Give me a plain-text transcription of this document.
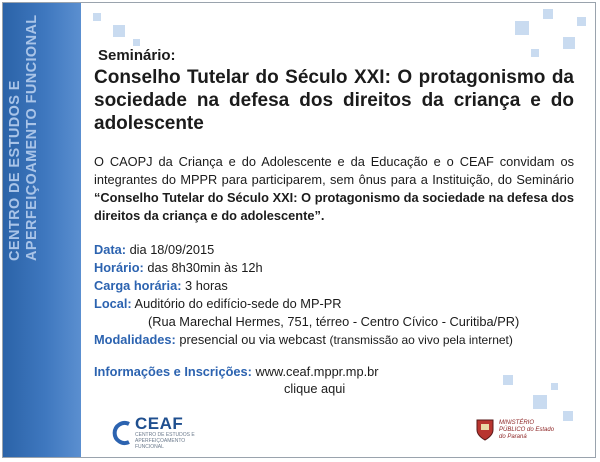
CENTRO DE ESTUDOS E APERFEIÇOAMENTO FUNCIONAL	Seminário:
Conselho Tutelar do Século XXI: O protagonismo da sociedade na defesa dos direitos da criança e do adolescente

O CAOPJ da Criança e do Adolescente e da Educação e o CEAF convidam os integrantes do MPPR para participarem, sem ônus para a Instituição, do Seminário “Conselho Tutelar do Século XXI: O protagonismo da sociedade na defesa dos direitos da criança e do adolescente”.

Data: dia 18/09/2015
Horário: das 8h30min às 12h
Carga horária: 3 horas
Local: Auditório do edifício-sede do MP-PR
(Rua Marechal Hermes, 751, térreo - Centro Cívico - Curitiba/PR)
Modalidades: presencial ou via webcast (transmissão ao vivo pela internet)
Informações e Inscrições: www.ceaf.mppr.mp.br
clique aqui
CEAF
CENTRO DE ESTUDOS E APERFEIÇOAMENTO FUNCIONAL
MINISTÉRIO PÚBLICO do Estado do Paraná
